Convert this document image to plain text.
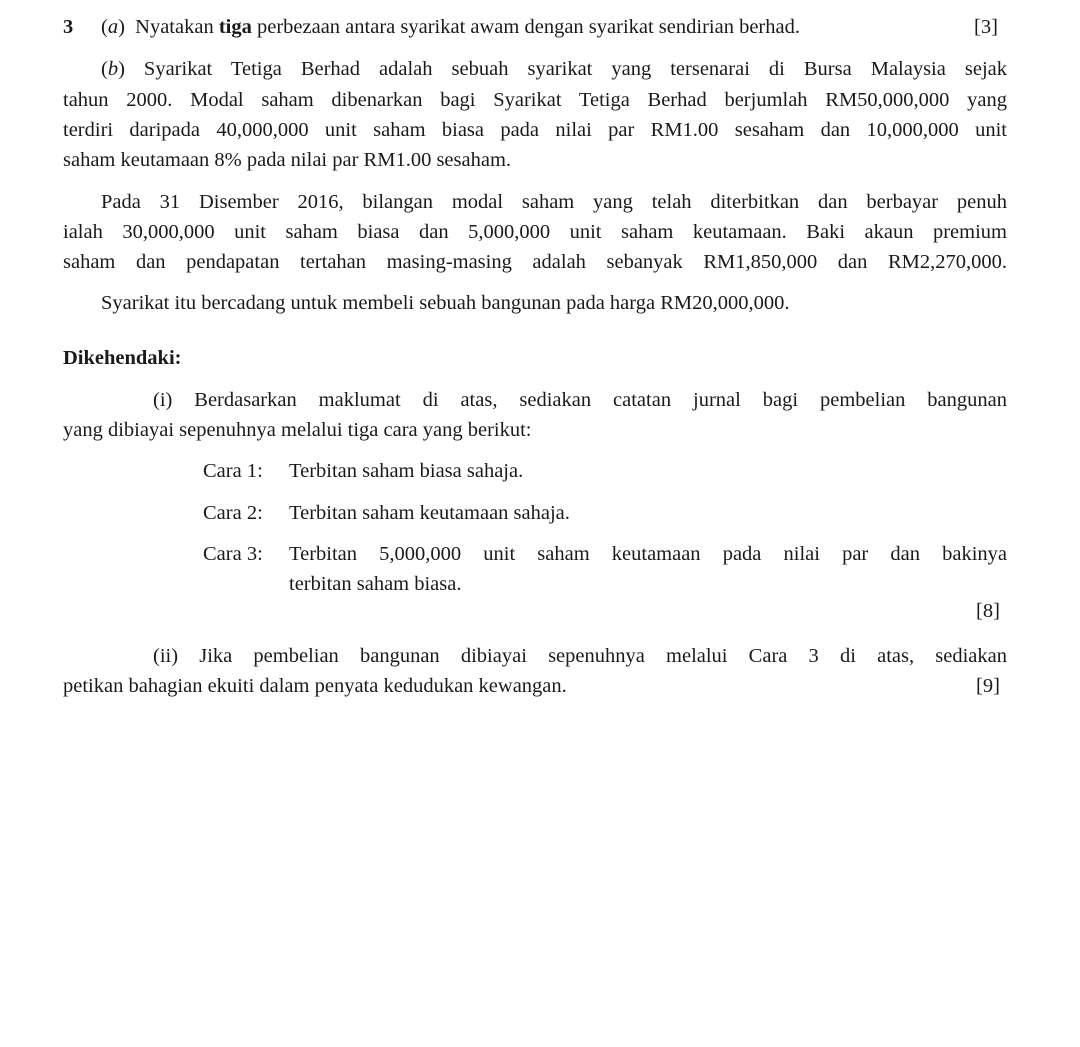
3 (a) Nyatakan tiga perbezaan antara syarikat awam dengan syarikat sendirian berhad.	[3]
(b) Syarikat Tetiga Berhad adalah sebuah syarikat yang tersenarai di Bursa Malaysia sejak
tahun 2000. Modal saham dibenarkan bagi Syarikat Tetiga Berhad berjumlah RM50,000,000 yang
terdiri daripada 40,000,000 unit saham biasa pada nilai par RM1.00 sesaham dan 10,000,000 unit
saham keutamaan 8% pada nilai par RM1.00 sesaham.
Pada 31 Disember 2016, bilangan modal saham yang telah diterbitkan dan berbayar penuh
ialah 30,000,000 unit saham biasa dan 5,000,000 unit saham keutamaan. Baki akaun premium
saham dan pendapatan tertahan masing-masing adalah sebanyak RM1,850,000 dan RM2,270,000.
Syarikat itu bercadang untuk membeli sebuah bangunan pada harga RM20,000,000.
Dikehendaki:
(i) Berdasarkan maklumat di atas, sediakan catatan jurnal bagi pembelian bangunan
yang dibiayai sepenuhnya melalui tiga cara yang berikut:
Cara 1: Terbitan saham biasa sahaja.
Cara 2: Terbitan saham keutamaan sahaja.
Cara 3: Terbitan 5,000,000 unit saham keutamaan pada nilai par dan bakinya
terbitan saham biasa.
[8]
(ii) Jika pembelian bangunan dibiayai sepenuhnya melalui Cara 3 di atas, sediakan
petikan bahagian ekuiti dalam penyata kedudukan kewangan.	[9]
